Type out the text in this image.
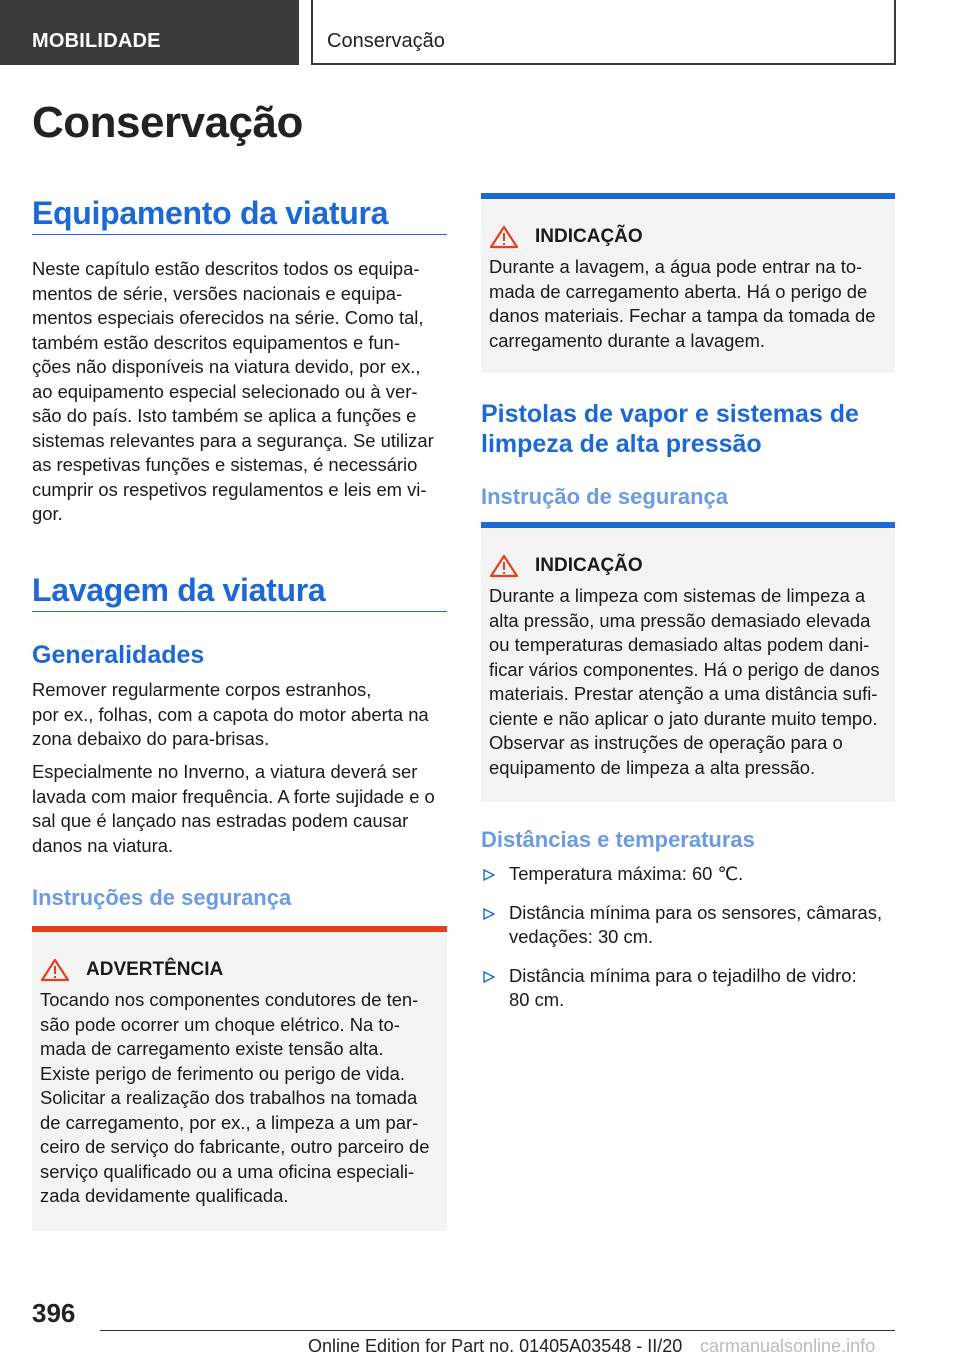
MOBILIDADE	Conservação
Conservação
Equipamento da viatura

Neste capítulo estão descritos todos os equipa-
mentos de série, versões nacionais e equipa-
mentos especiais oferecidos na série. Como tal,
também estão descritos equipamentos e fun-
ções não disponíveis na viatura devido, por ex.,
ao equipamento especial selecionado ou à ver-
são do país. Isto também se aplica a funções e
sistemas relevantes para a segurança. Se utilizar
as respetivas funções e sistemas, é necessário
cumprir os respetivos regulamentos e leis em vi-
gor.

Lavagem da viatura
Generalidades

Remover regularmente corpos estranhos,
por ex., folhas, com a capota do motor aberta na
zona debaixo do para-brisas.

Especialmente no Inverno, a viatura deverá ser
lavada com maior frequência. A forte sujidade e o
sal que é lançado nas estradas podem causar
danos na viatura.

Instruções de segurança
ADVERTÊNCIA
Tocando nos componentes condutores de ten-
são pode ocorrer um choque elétrico. Na to-
mada de carregamento existe tensão alta.
Existe perigo de ferimento ou perigo de vida.
Solicitar a realização dos trabalhos na tomada
de carregamento, por ex., a limpeza a um par-
ceiro de serviço do fabricante, outro parceiro de
serviço qualificado ou a uma oficina especiali-
zada devidamente qualificada.
INDICAÇÃO
Durante a lavagem, a água pode entrar na to-
mada de carregamento aberta. Há o perigo de
danos materiais. Fechar a tampa da tomada de
carregamento durante a lavagem.
Pistolas de vapor e sistemas de
limpeza de alta pressão
Instrução de segurança
INDICAÇÃO
Durante a limpeza com sistemas de limpeza a
alta pressão, uma pressão demasiado elevada
ou temperaturas demasiado altas podem dani-
ficar vários componentes. Há o perigo de danos
materiais. Prestar atenção a uma distância sufi-
ciente e não aplicar o jato durante muito tempo.
Observar as instruções de operação para o
equipamento de limpeza a alta pressão.
Distâncias e temperaturas
Temperatura máxima: 60 ℃.
Distância mínima para os sensores, câmaras,
vedações: 30 cm.
Distância mínima para o tejadilho de vidro:
80 cm.
396
Online Edition for Part no. 01405A03548 - II/20 carmanualsonline.info
